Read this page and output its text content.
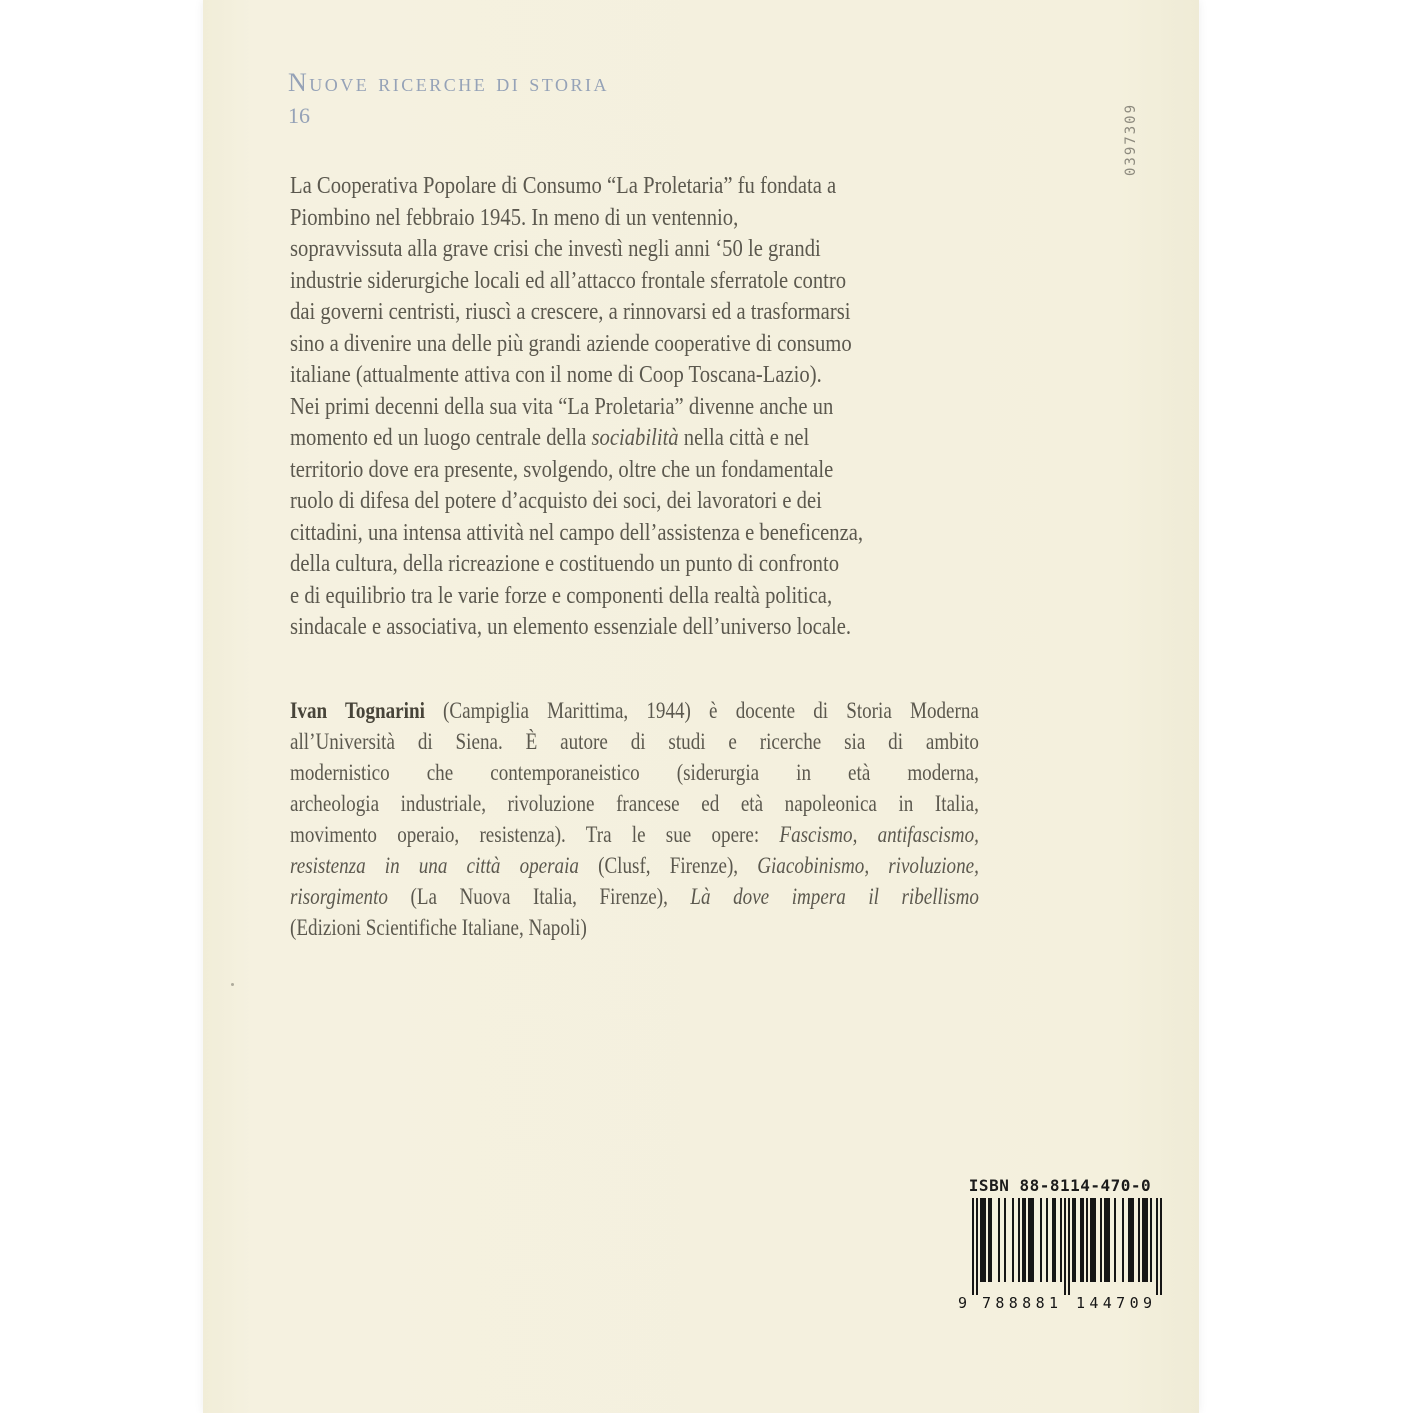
Nuove ricerche di storia
16	0397309
La Cooperativa Popolare di Consumo “La Proletaria” fu fondata a
Piombino nel febbraio 1945. In meno di un ventennio,
sopravvissuta alla grave crisi che investì negli anni ‘50 le grandi
industrie siderurgiche locali ed all’attacco frontale sferratole contro
dai governi centristi, riuscì a crescere, a rinnovarsi ed a trasformarsi
sino a divenire una delle più grandi aziende cooperative di consumo
italiane (attualmente attiva con il nome di Coop Toscana-Lazio).
Nei primi decenni della sua vita “La Proletaria” divenne anche un
momento ed un luogo centrale della sociabilità nella città e nel
territorio dove era presente, svolgendo, oltre che un fondamentale
ruolo di difesa del potere d’acquisto dei soci, dei lavoratori e dei
cittadini, una intensa attività nel campo dell’assistenza e beneficenza,
della cultura, della ricreazione e costituendo un punto di confronto
e di equilibrio tra le varie forze e componenti della realtà politica,
sindacale e associativa, un elemento essenziale dell’universo locale.
Ivan Tognarini (Campiglia Marittima, 1944) è docente di Storia Moderna
all’Università di Siena. È autore di studi e ricerche sia di ambito
modernistico che contemporaneistico (siderurgia in età moderna,
archeologia industriale, rivoluzione francese ed età napoleonica in Italia,
movimento operaio, resistenza). Tra le sue opere: Fascismo, antifascismo,
resistenza in una città operaia (Clusf, Firenze), Giacobinismo, rivoluzione,
risorgimento (La Nuova Italia, Firenze), Là dove impera il ribellismo
(Edizioni Scientifiche Italiane, Napoli)
ISBN 88-8114-470-0
9 788881 144709
